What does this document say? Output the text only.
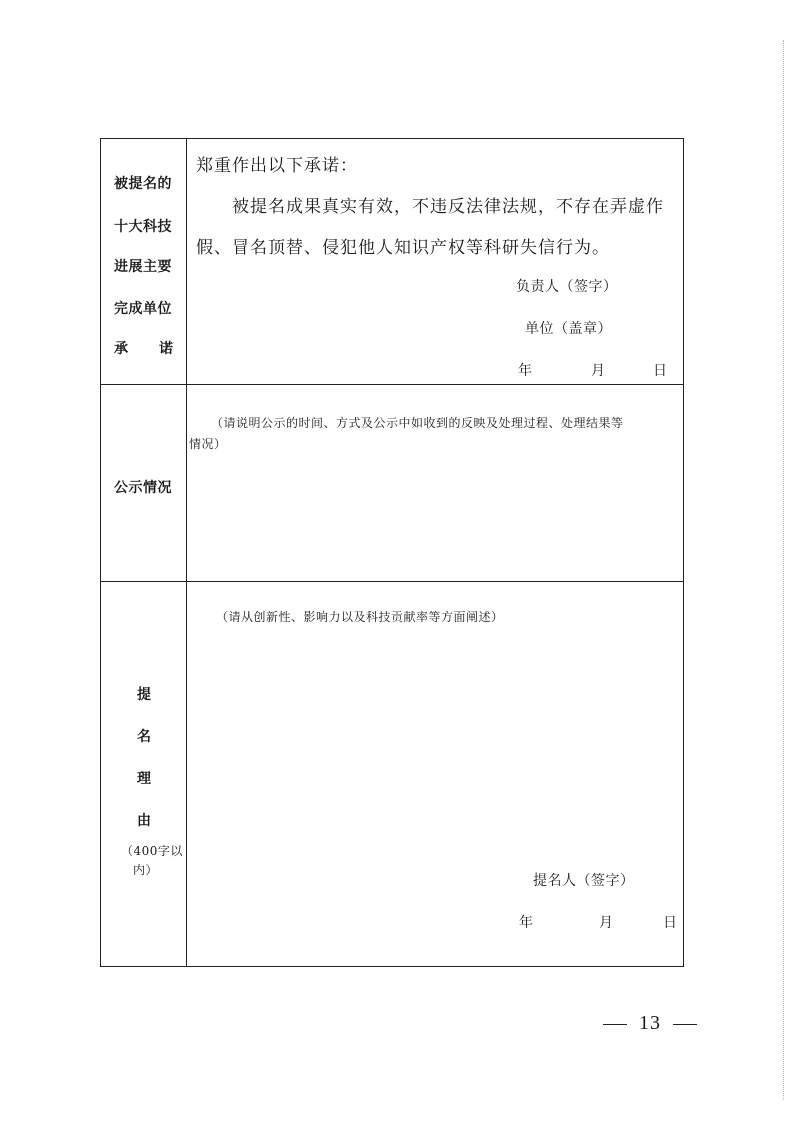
被提名的
十大科技
进展主要
完成单位
承 诺
郑重作出以下承诺：
被提名成果真实有效，不违反法律法规，不存在弄虚作
假、冒名顶替、侵犯他人知识产权等科研失信行为。
负责人（签字）
单位（盖章）
年	月	日
公示情况
（请说明公示的时间、方式及公示中如收到的反映及处理过程、处理结果等
情况）
提
名
理
由
（400字以
内）
（请从创新性、影响力以及科技贡献率等方面阐述）
提名人（签字）
年	月	日
13
